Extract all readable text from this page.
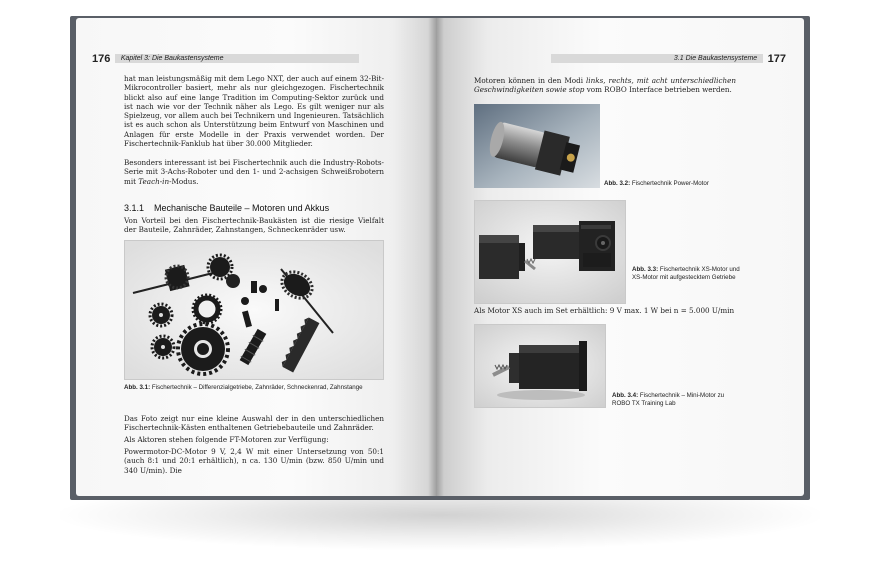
176 Kapitel 3: Die Baukastensysteme
hat man leistungsmäßig mit dem Lego NXT, der auch auf einem 32-Bit-Mikrocontroller basiert, mehr als nur gleichgezogen. Fischertechnik blickt also auf eine lange Tradition im Computing-Sektor zurück und ist nach wie vor der Technik näher als Lego. Es gilt weniger nur als Spielzeug, vor allem auch bei Technikern und Ingenieuren. Tatsächlich ist es auch schon als Unterstützung beim Entwurf von Maschinen und Anlagen für erste Modelle in der Praxis verwendet worden. Der Fischertechnik-Fanklub hat über 30.000 Mitglieder.
Besonders interessant ist bei Fischertechnik auch die Industry-Robots-Serie mit 3-Achs-Roboter und den 1- und 2-achsigen Schweißrobotern mit Teach-in-Modus.
3.1.1 Mechanische Bauteile – Motoren und Akkus
Von Vorteil bei den Fischertechnik-Baukästen ist die riesige Vielfalt der Bauteile, Zahnräder, Zahnstangen, Schneckenräder usw.
Abb. 3.1: Fischertechnik – Differenzialgetriebe, Zahnräder, Schneckenrad, Zahnstange
Das Foto zeigt nur eine kleine Auswahl der in den unterschiedlichen Fischertechnik-Kästen enthaltenen Getriebebauteile und Zahnräder.
Als Aktoren stehen folgende FT-Motoren zur Verfügung:
Powermotor-DC-Motor 9 V, 2,4 W mit einer Untersetzung von 50:1 (auch 8:1 und 20:1 erhältlich), n ca. 130 U/min (bzw. 850 U/min und 340 U/min). Die
3.1 Die Baukastensysteme 177
Motoren können in den Modi links, rechts, mit acht unterschiedlichen Geschwindigkeiten sowie stop vom ROBO Interface betrieben werden.
Abb. 3.2: Fischertechnik Power-Motor
Abb. 3.3: Fischertechnik XS-Motor und XS-Motor mit aufgestecktem Getriebe
Als Motor XS auch im Set erhältlich: 9 V max. 1 W bei n = 5.000 U/min
Abb. 3.4: Fischertechnik – Mini-Motor zu ROBO TX Training Lab
